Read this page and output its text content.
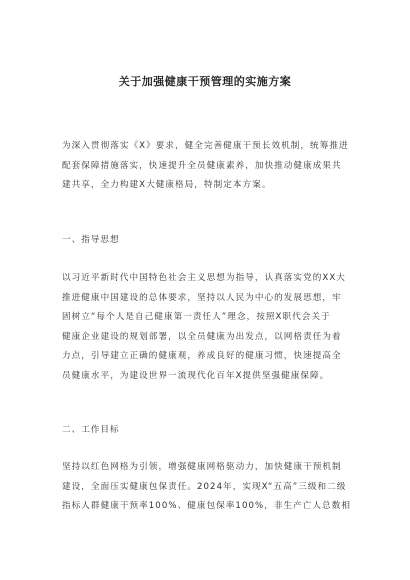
关于加强健康干预管理的实施方案
为深入贯彻落实《X》要求，健全完善健康干预长效机制，统筹推进
配套保障措施落实，快速提升全员健康素养，加快推动健康成果共
建共享，全力构建X大健康格局，特制定本方案。
一、指导思想
以习近平新时代中国特色社会主义思想为指导，认真落实党的XX大
推进健康中国建设的总体要求，坚持以人民为中心的发展思想，牢
固树立“每个人是自己健康第一责任人”理念，按照X职代会关于
健康企业建设的规划部署，以全员健康为出发点，以网格责任为着
力点，引导建立正确的健康观，养成良好的健康习惯，快速提高全
员健康水平，为建设世界一流现代化百年X提供坚强健康保障。
二、工作目标
坚持以红色网格为引领，增强健康网格驱动力，加快健康干预机制
建设，全面压实健康包保责任。2024年，实现X“五高”三级和二级
指标人群健康干预率100%、健康包保率100%，非生产亡人总数相
